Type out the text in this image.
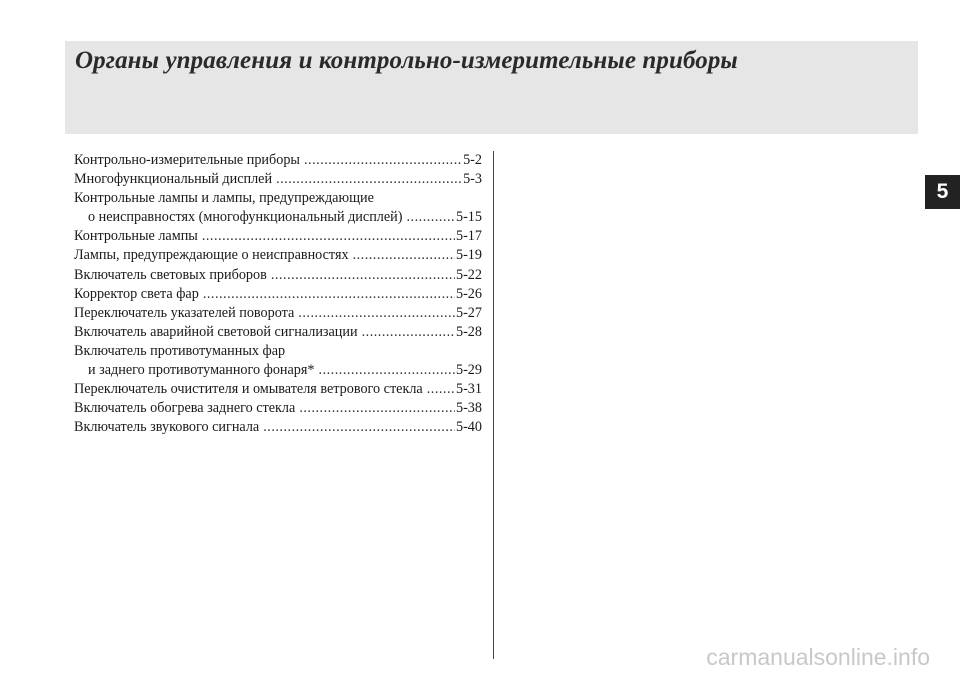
Органы управления и контрольно-измерительные приборы
5
Контрольно-измерительные приборы .....	5-2
Многофункциональный дисплей .....	5-3
Контрольные лампы и лампы, предупреждающие
о неисправностях (многофункциональный дисплей) .....	5-15
Контрольные лампы .....	5-17
Лампы, предупреждающие о неисправностях .....	5-19
Включатель световых приборов .....	5-22
Корректор света фар .....	5-26
Переключатель указателей поворота .....	5-27
Включатель аварийной световой сигнализации .....	5-28
Включатель противотуманных фар
и заднего противотуманного фонаря* .....	5-29
Переключатель очистителя и омывателя ветрового стекла ..... 5-31
Включатель обогрева заднего стекла .....	5-38
Включатель звукового сигнала .....	5-40
carmanualsonline.info
